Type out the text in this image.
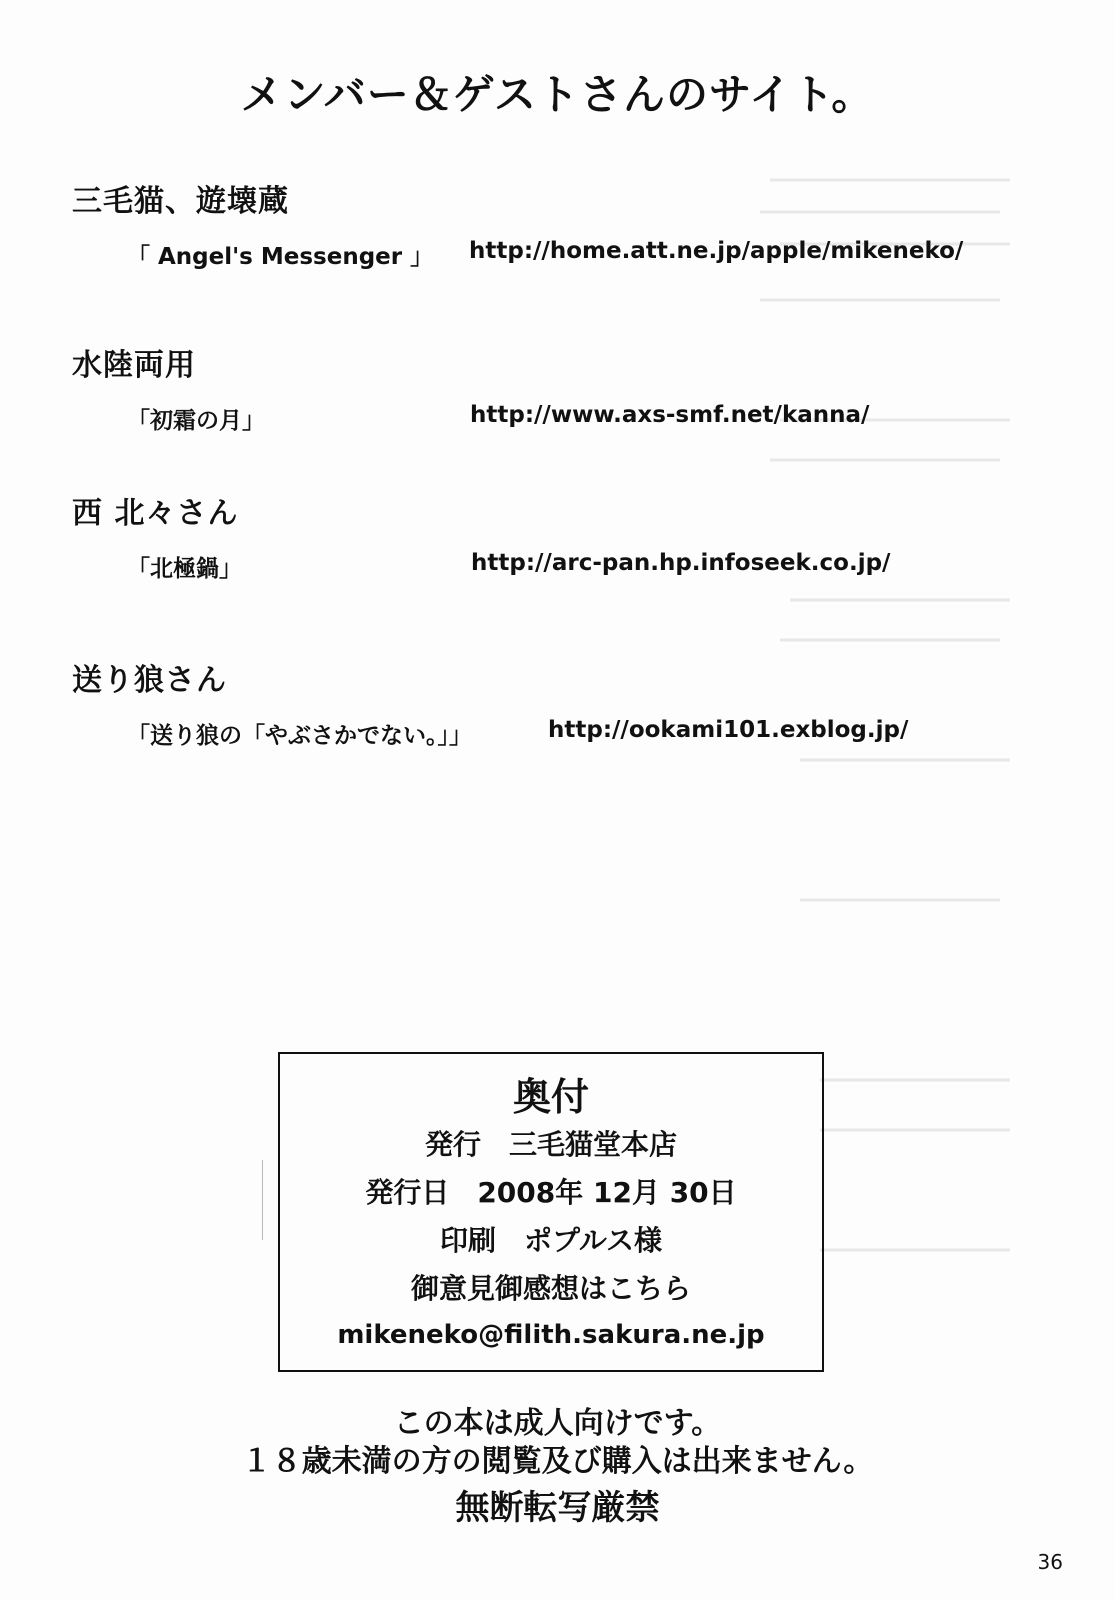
メンバー＆ゲストさんのサイト。
三毛猫、遊壊蔵
「 Angel's Messenger 」 http://home.att.ne.jp/apple/mikeneko/
水陸両用
「初霜の月」	http://www.axs-smf.net/kanna/
西 北々さん
「北極鍋」	http://arc-pan.hp.infoseek.co.jp/
送り狼さん
「送り狼の「やぶさかでない。」」	http://ookami101.exblog.jp/
奥付
発行　三毛猫堂本店
発行日　2008年 12月 30日
印刷　ポプルス様
御意見御感想はこちら
mikeneko@filith.sakura.ne.jp
この本は成人向けです。
１８歳未満の方の閲覧及び購入は出来ません。
無断転写厳禁
36
